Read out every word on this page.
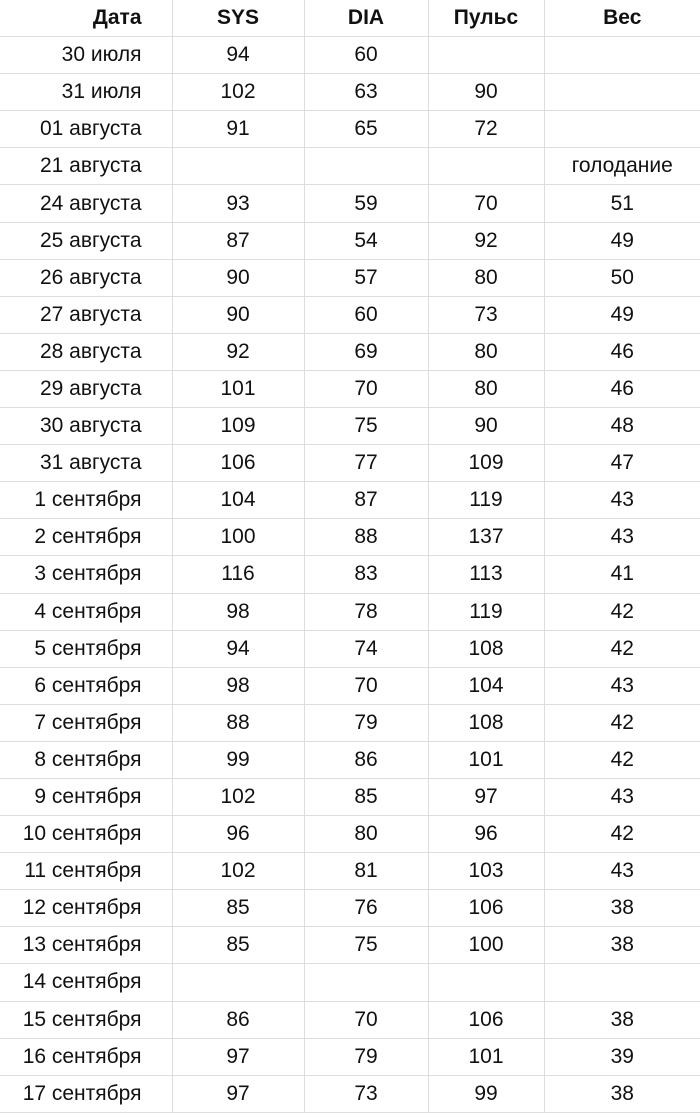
Дата	SYS	DIA	Пульс	Вес
30 июля	94	60		
31 июля	102	63	90	
01 августа	91	65	72	
21 августа				голодание
24 августа	93	59	70	51
25 августа	87	54	92	49
26 августа	90	57	80	50
27 августа	90	60	73	49
28 августа	92	69	80	46
29 августа	101	70	80	46
30 августа	109	75	90	48
31 августа	106	77	109	47
1 сентября	104	87	119	43
2 сентября	100	88	137	43
3 сентября	116	83	113	41
4 сентября	98	78	119	42
5 сентября	94	74	108	42
6 сентября	98	70	104	43
7 сентября	88	79	108	42
8 сентября	99	86	101	42
9 сентября	102	85	97	43
10 сентября	96	80	96	42
11 сентября	102	81	103	43
12 сентября	85	76	106	38
13 сентября	85	75	100	38
14 сентября				
15 сентября	86	70	106	38
16 сентября	97	79	101	39
17 сентября	97	73	99	38
